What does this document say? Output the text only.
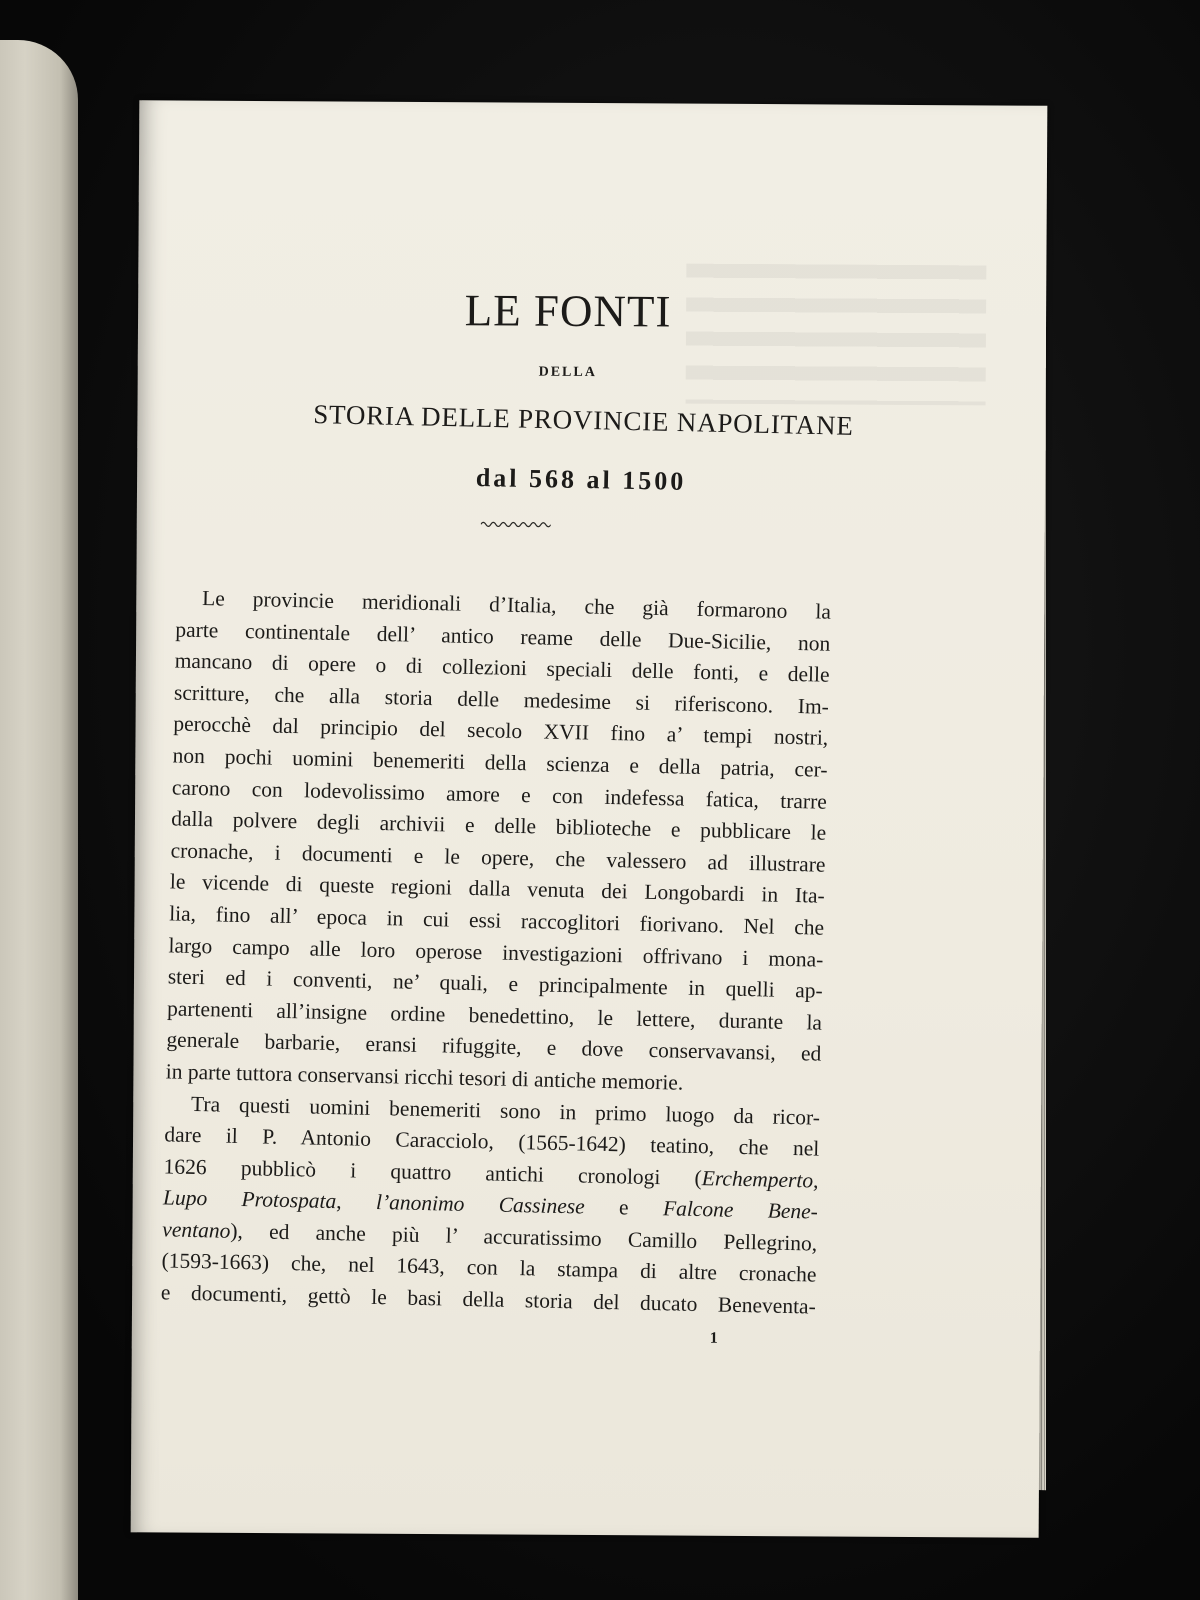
LE FONTI
DELLA
STORIA DELLE PROVINCIE NAPOLITANE
dal 568 al 1500
Le provincie meridionali d’Italia, che già formarono la
parte continentale dell’ antico reame delle Due-Sicilie, non
mancano di opere o di collezioni speciali delle fonti, e delle
scritture, che alla storia delle medesime si riferiscono. Im-
perocchè dal principio del secolo XVII fino a’ tempi nostri,
non pochi uomini benemeriti della scienza e della patria, cer-
carono con lodevolissimo amore e con indefessa fatica, trarre
dalla polvere degli archivii e delle biblioteche e pubblicare le
cronache, i documenti e le opere, che valessero ad illustrare
le vicende di queste regioni dalla venuta dei Longobardi in Ita-
lia, fino all’ epoca in cui essi raccoglitori fiorivano. Nel che
largo campo alle loro operose investigazioni offrivano i mona-
steri ed i conventi, ne’ quali, e principalmente in quelli ap-
partenenti all’insigne ordine benedettino, le lettere, durante la
generale barbarie, eransi rifuggite, e dove conservavansi, ed
in parte tuttora conservansi ricchi tesori di antiche memorie.
Tra questi uomini benemeriti sono in primo luogo da ricor-
dare il P. Antonio Caracciolo, (1565-1642) teatino, che nel
1626 pubblicò i quattro antichi cronologi (Erchemperto,
Lupo Protospata, l’anonimo Cassinese e Falcone Bene-
ventano), ed anche più l’ accuratissimo Camillo Pellegrino,
(1593-1663) che, nel 1643, con la stampa di altre cronache
e documenti, gettò le basi della storia del ducato Beneventa-
1
